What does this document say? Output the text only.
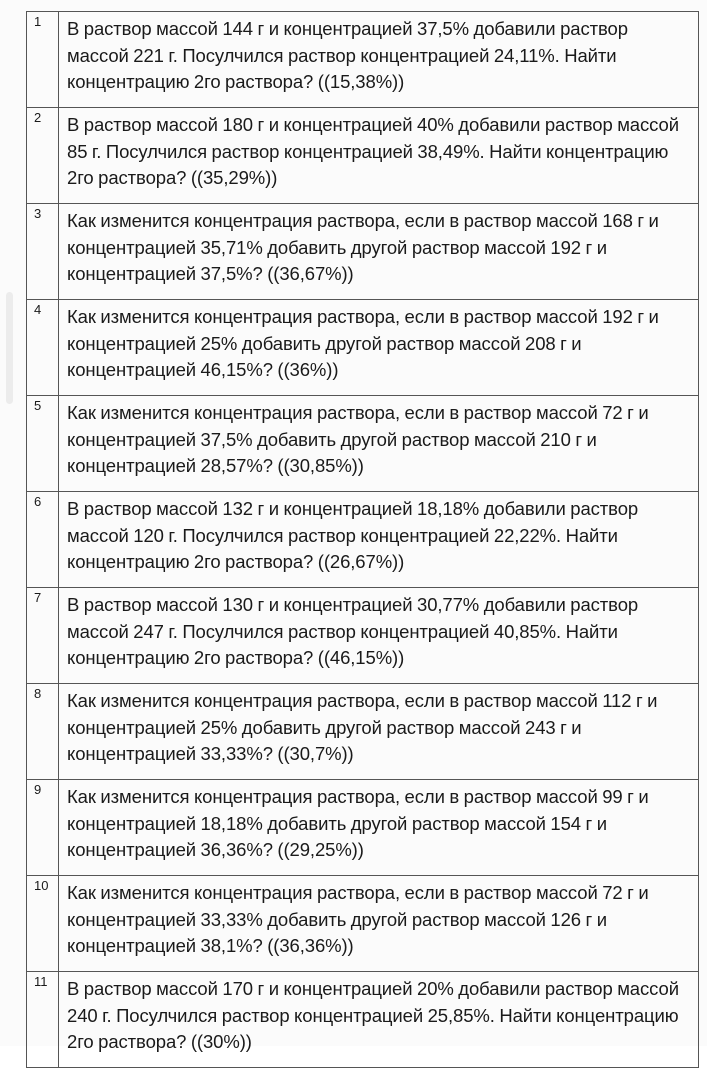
1	В раствор массой 144 г и концентрацией 37,5% добавили раствор массой 221 г. Посулчился раствор концентрацией 24,11%. Найти концентрацию 2го раствора? ((15,38%))

2	В раствор массой 180 г и концентрацией 40% добавили раствор массой 85 г. Посулчился раствор концентрацией 38,49%. Найти концентрацию 2го раствора? ((35,29%))

3	Как изменится концентрация раствора, если в раствор массой 168 г и концентрацией 35,71% добавить другой раствор массой 192 г и концентрацией 37,5%? ((36,67%))

4	Как изменится концентрация раствора, если в раствор массой 192 г и концентрацией 25% добавить другой раствор массой 208 г и концентрацией 46,15%? ((36%))

5	Как изменится концентрация раствора, если в раствор массой 72 г и концентрацией 37,5% добавить другой раствор массой 210 г и концентрацией 28,57%? ((30,85%))

6	В раствор массой 132 г и концентрацией 18,18% добавили раствор массой 120 г. Посулчился раствор концентрацией 22,22%. Найти концентрацию 2го раствора? ((26,67%))

7	В раствор массой 130 г и концентрацией 30,77% добавили раствор массой 247 г. Посулчился раствор концентрацией 40,85%. Найти концентрацию 2го раствора? ((46,15%))

8	Как изменится концентрация раствора, если в раствор массой 112 г и концентрацией 25% добавить другой раствор массой 243 г и концентрацией 33,33%? ((30,7%))

9	Как изменится концентрация раствора, если в раствор массой 99 г и концентрацией 18,18% добавить другой раствор массой 154 г и концентрацией 36,36%? ((29,25%))

10	Как изменится концентрация раствора, если в раствор массой 72 г и концентрацией 33,33% добавить другой раствор массой 126 г и концентрацией 38,1%? ((36,36%))

11	В раствор массой 170 г и концентрацией 20% добавили раствор массой 240 г. Посулчился раствор концентрацией 25,85%. Найти концентрацию 2го раствора? ((30%))
